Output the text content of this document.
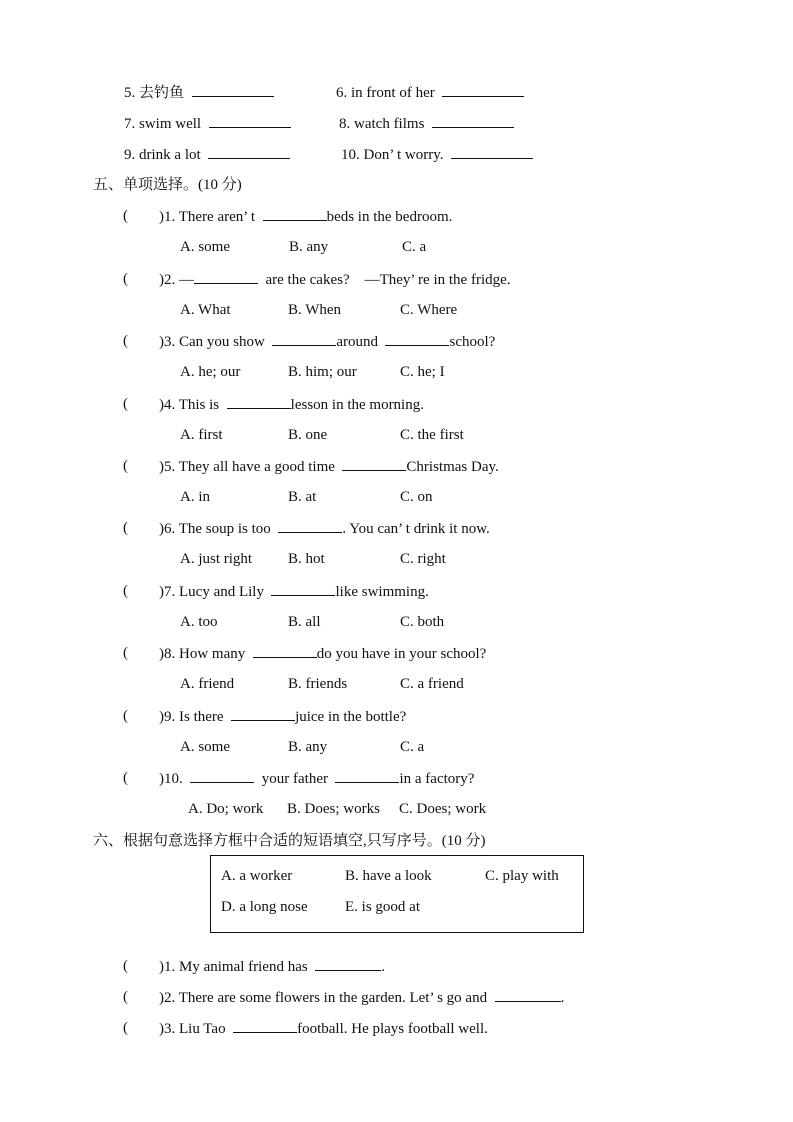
5. 去钓鱼	6. in front of her
7. swim well	8. watch films
9. drink a lot	10. Don’ t worry.
五、单项选择。(10 分)
( )1. There aren’ t	beds in the bedroom.
A. some	B. any	C. a
( )2. —	are the cakes?    —They’ re in the fridge.
A. What	B. When	C. Where
( )3. Can you show	around	school?
A. he; our	B. him; our	C. he; I
( )4. This is	lesson in the morning.
A. first	B. one	C. the first
( )5. They all have a good time	Christmas Day.
A. in	B. at	C. on
( )6. The soup is too	. You can’ t drink it now.
A. just right B. hot	C. right
( )7. Lucy and Lily	like swimming.
A. too	B. all	C. both
( )8. How many	do you have in your school?
A. friend	B. friends	C. a friend
( )9. Is there	juice in the bottle?
A. some	B. any	C. a
( )10.	your father	in a factory?
A. Do; work B. Does; works C. Does; work
六、根据句意选择方框中合适的短语填空,只写序号。(10 分)
A. a worker	B. have a look	C. play with
D. a long nose E. is good at
( )1. My animal friend has	.
( )2. There are some flowers in the garden. Let’ s go and	.
( )3. Liu Tao	football. He plays football well.
